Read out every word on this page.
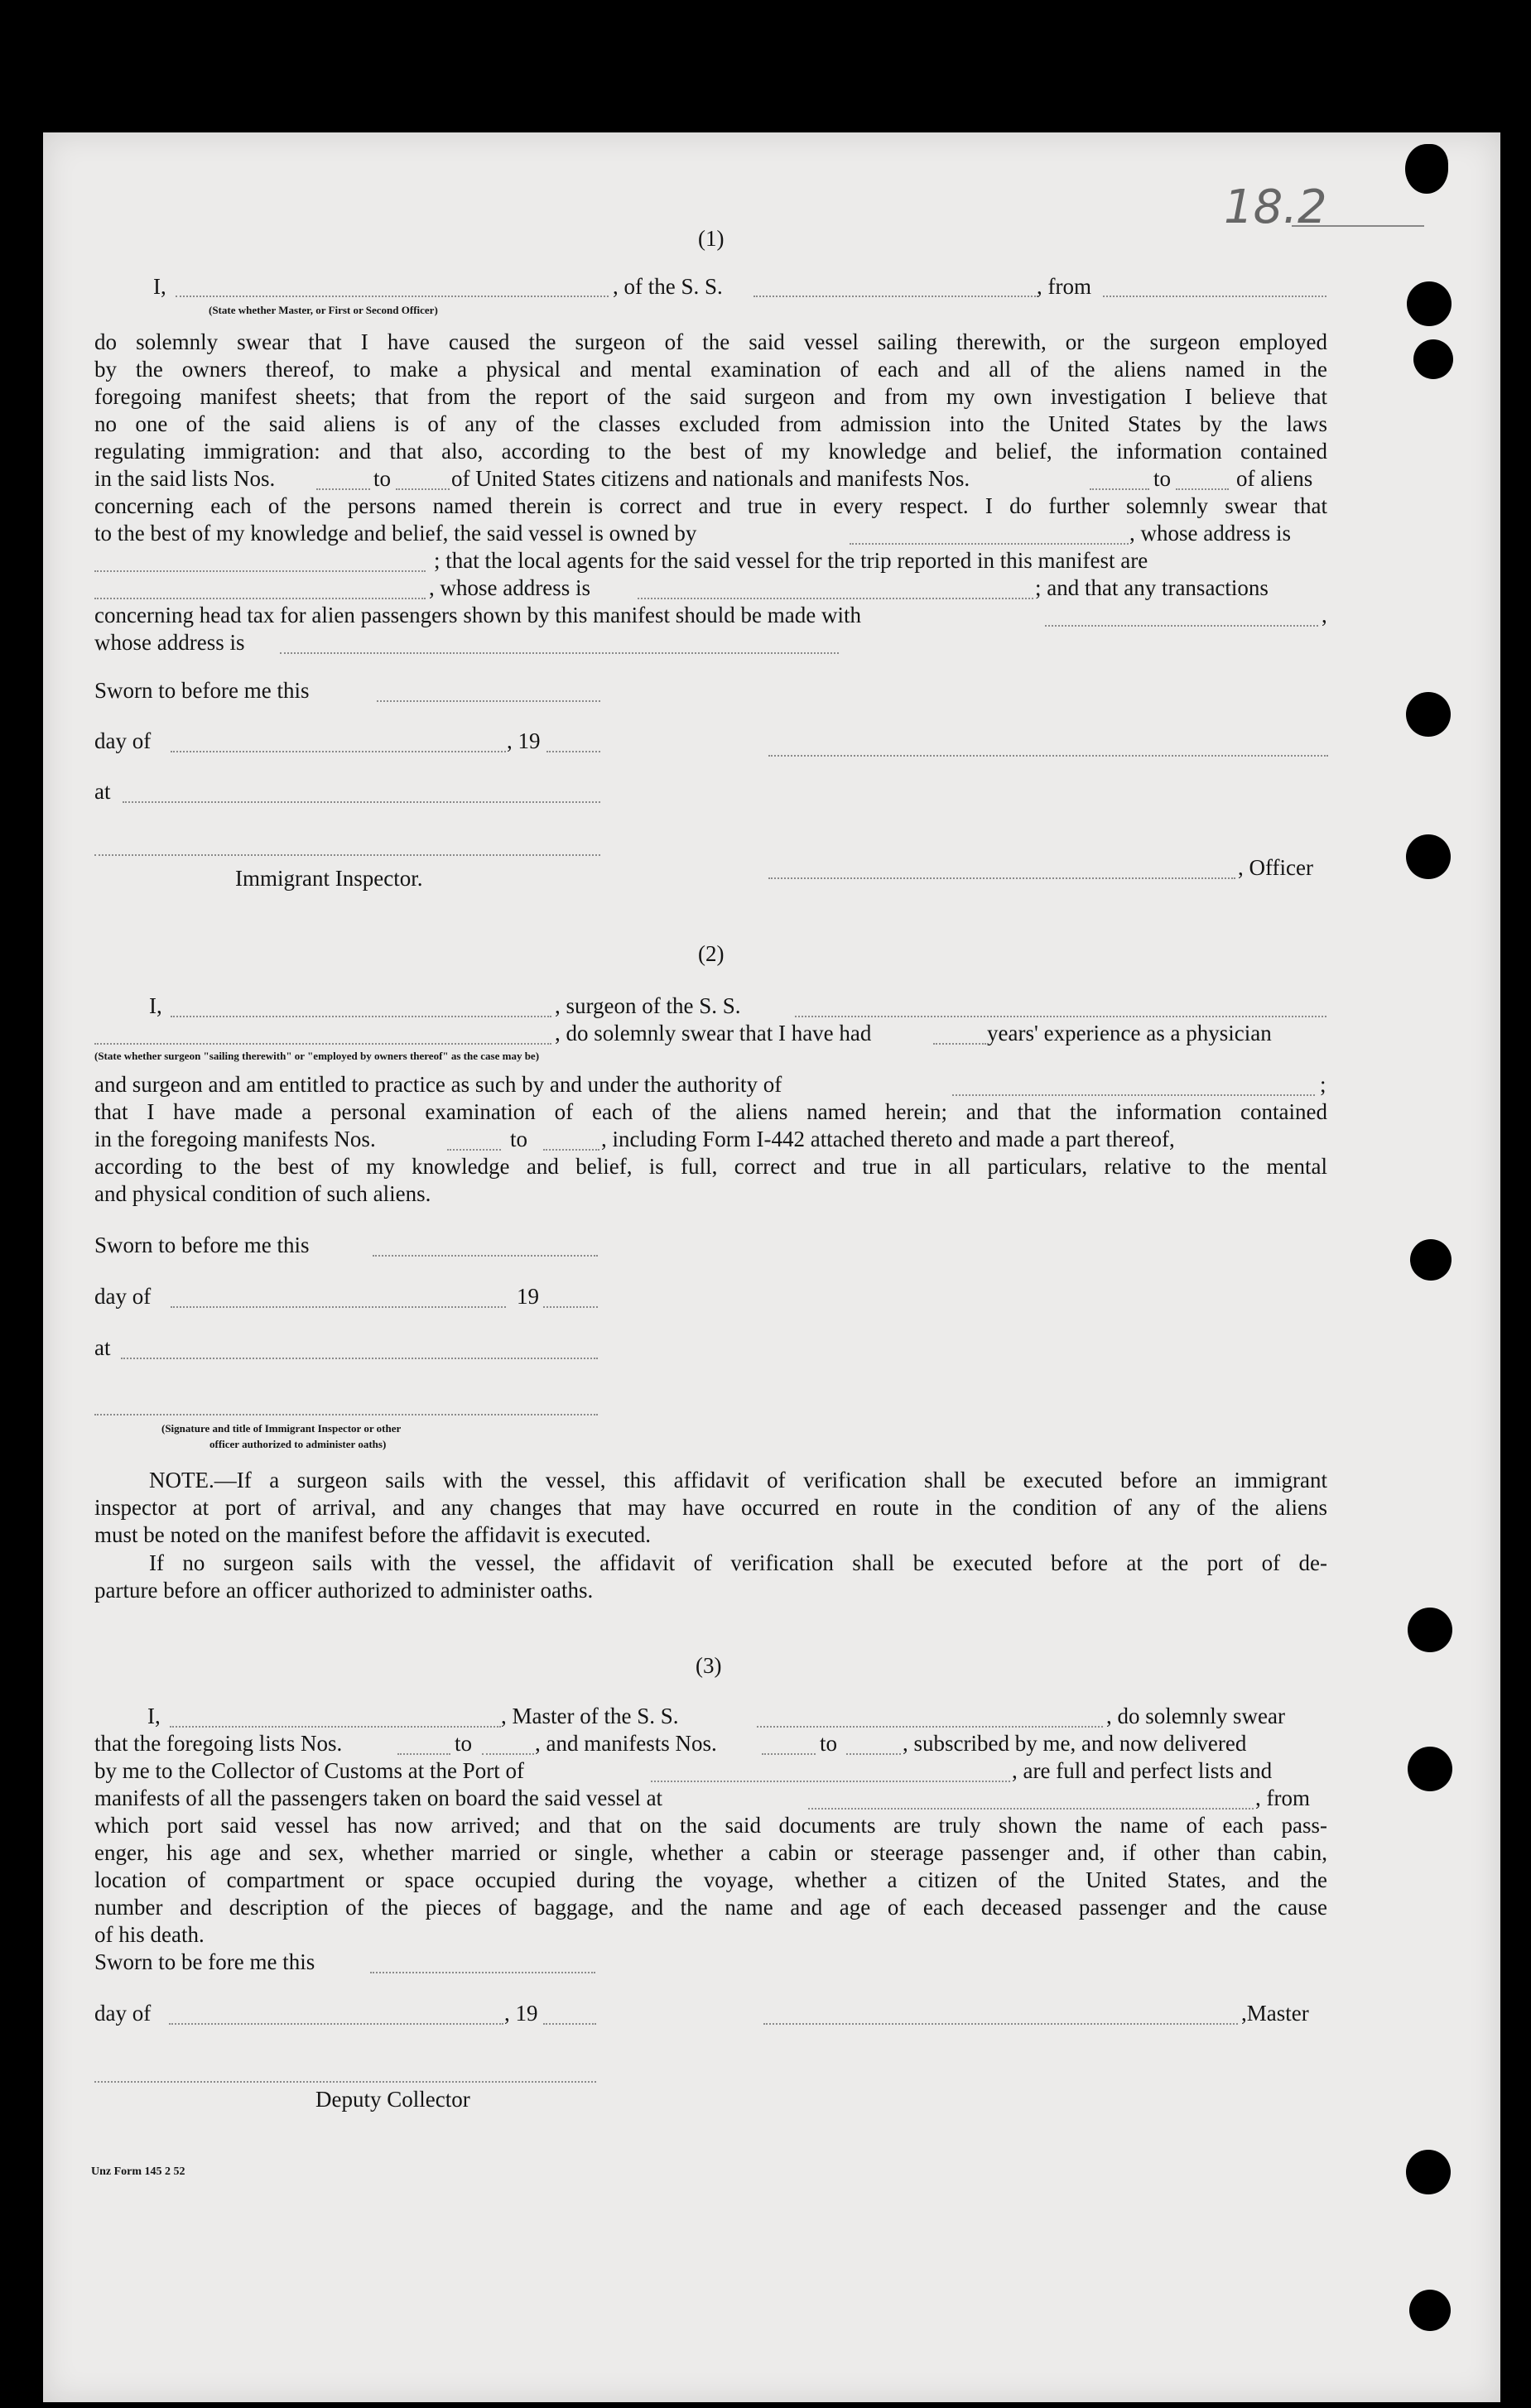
18.2
(1)
I,	, of the S. S.	, from
(State whether Master, or First or Second Officer)
do solemnly swear that I have caused the surgeon of the said vessel sailing therewith, or the surgeon employed
by the owners thereof, to make a physical and mental examination of each and all of the aliens named in the
foregoing manifest sheets; that from the report of the said surgeon and from my own investigation I believe that
no one of the said aliens is of any of the classes excluded from admission into the United States by the laws
regulating immigration: and that also, according to the best of my knowledge and belief, the information contained
in the said lists Nos.	to	of United States citizens and nationals and manifests Nos.	to	of aliens
concerning each of the persons named therein is correct and true in every respect. I do further solemnly swear that
to the best of my knowledge and belief, the said vessel is owned by	, whose address is
; that the local agents for the said vessel for the trip reported in this manifest are
, whose address is	; and that any transactions
concerning head tax for alien passengers shown by this manifest should be made with	,
whose address is
Sworn to before me this
day of	, 19
at
Immigrant Inspector.	, Officer
(2)
I,	, surgeon of the S. S.
, do solemnly swear that I have had	years' experience as a physician
(State whether surgeon "sailing therewith" or "employed by owners thereof" as the case may be)
and surgeon and am entitled to practice as such by and under the authority of	;
that I have made a personal examination of each of the aliens named herein; and that the information contained
in the foregoing manifests Nos.	to	, including Form I-442 attached thereto and made a part thereof,
according to the best of my knowledge and belief, is full, correct and true in all particulars, relative to the mental
and physical condition of such aliens.
Sworn to before me this
day of	19
at
(Signature and title of Immigrant Inspector or other
officer authorized to administer oaths)
NOTE.—If a surgeon sails with the vessel, this affidavit of verification shall be executed before an immigrant
inspector at port of arrival, and any changes that may have occurred en route in the condition of any of the aliens
must be noted on the manifest before the affidavit is executed.
If no surgeon sails with the vessel, the affidavit of verification shall be executed before at the port of de-
parture before an officer authorized to administer oaths.
(3)
I,	, Master of the S. S.	, do solemnly swear
that the foregoing lists Nos.	to	, and manifests Nos.	to	, subscribed by me, and now delivered
by me to the Collector of Customs at the Port of	, are full and perfect lists and
manifests of all the passengers taken on board the said vessel at	, from
which port said vessel has now arrived; and that on the said documents are truly shown the name of each pass-
enger, his age and sex, whether married or single, whether a cabin or steerage passenger and, if other than cabin,
location of compartment or space occupied during the voyage, whether a citizen of the United States, and the
number and description of the pieces of baggage, and the name and age of each deceased passenger and the cause
of his death.
Sworn to be fore me this
day of	, 19	,Master
Deputy Collector
Unz Form 145 2 52
